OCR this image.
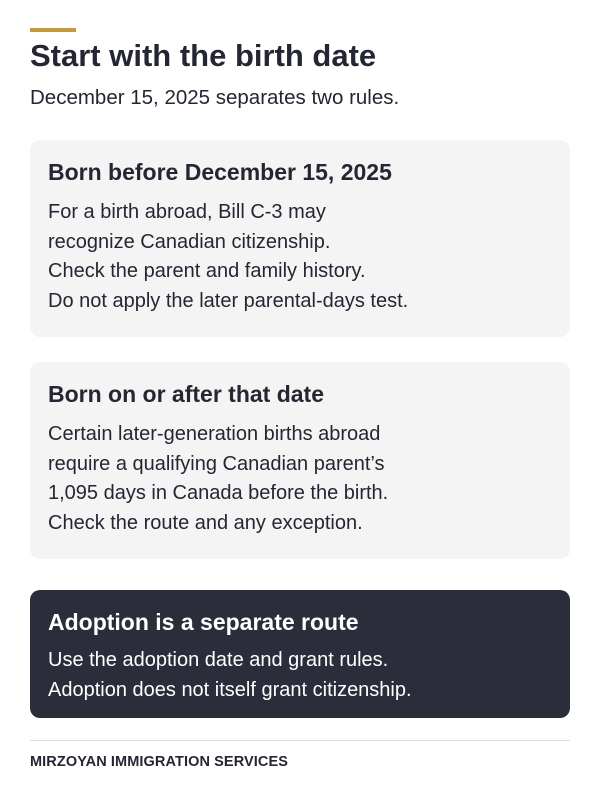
Start with the birth date

December 15, 2025 separates two rules.

Born before December 15, 2025
For a birth abroad, Bill C-3 may
recognize Canadian citizenship.
Check the parent and family history.
Do not apply the later parental-days test.
Born on or after that date
Certain later-generation births abroad
require a qualifying Canadian parent’s
1,095 days in Canada before the birth.
Check the route and any exception.
Adoption is a separate route
Use the adoption date and grant rules.
Adoption does not itself grant citizenship.

MIRZOYAN IMMIGRATION SERVICES
